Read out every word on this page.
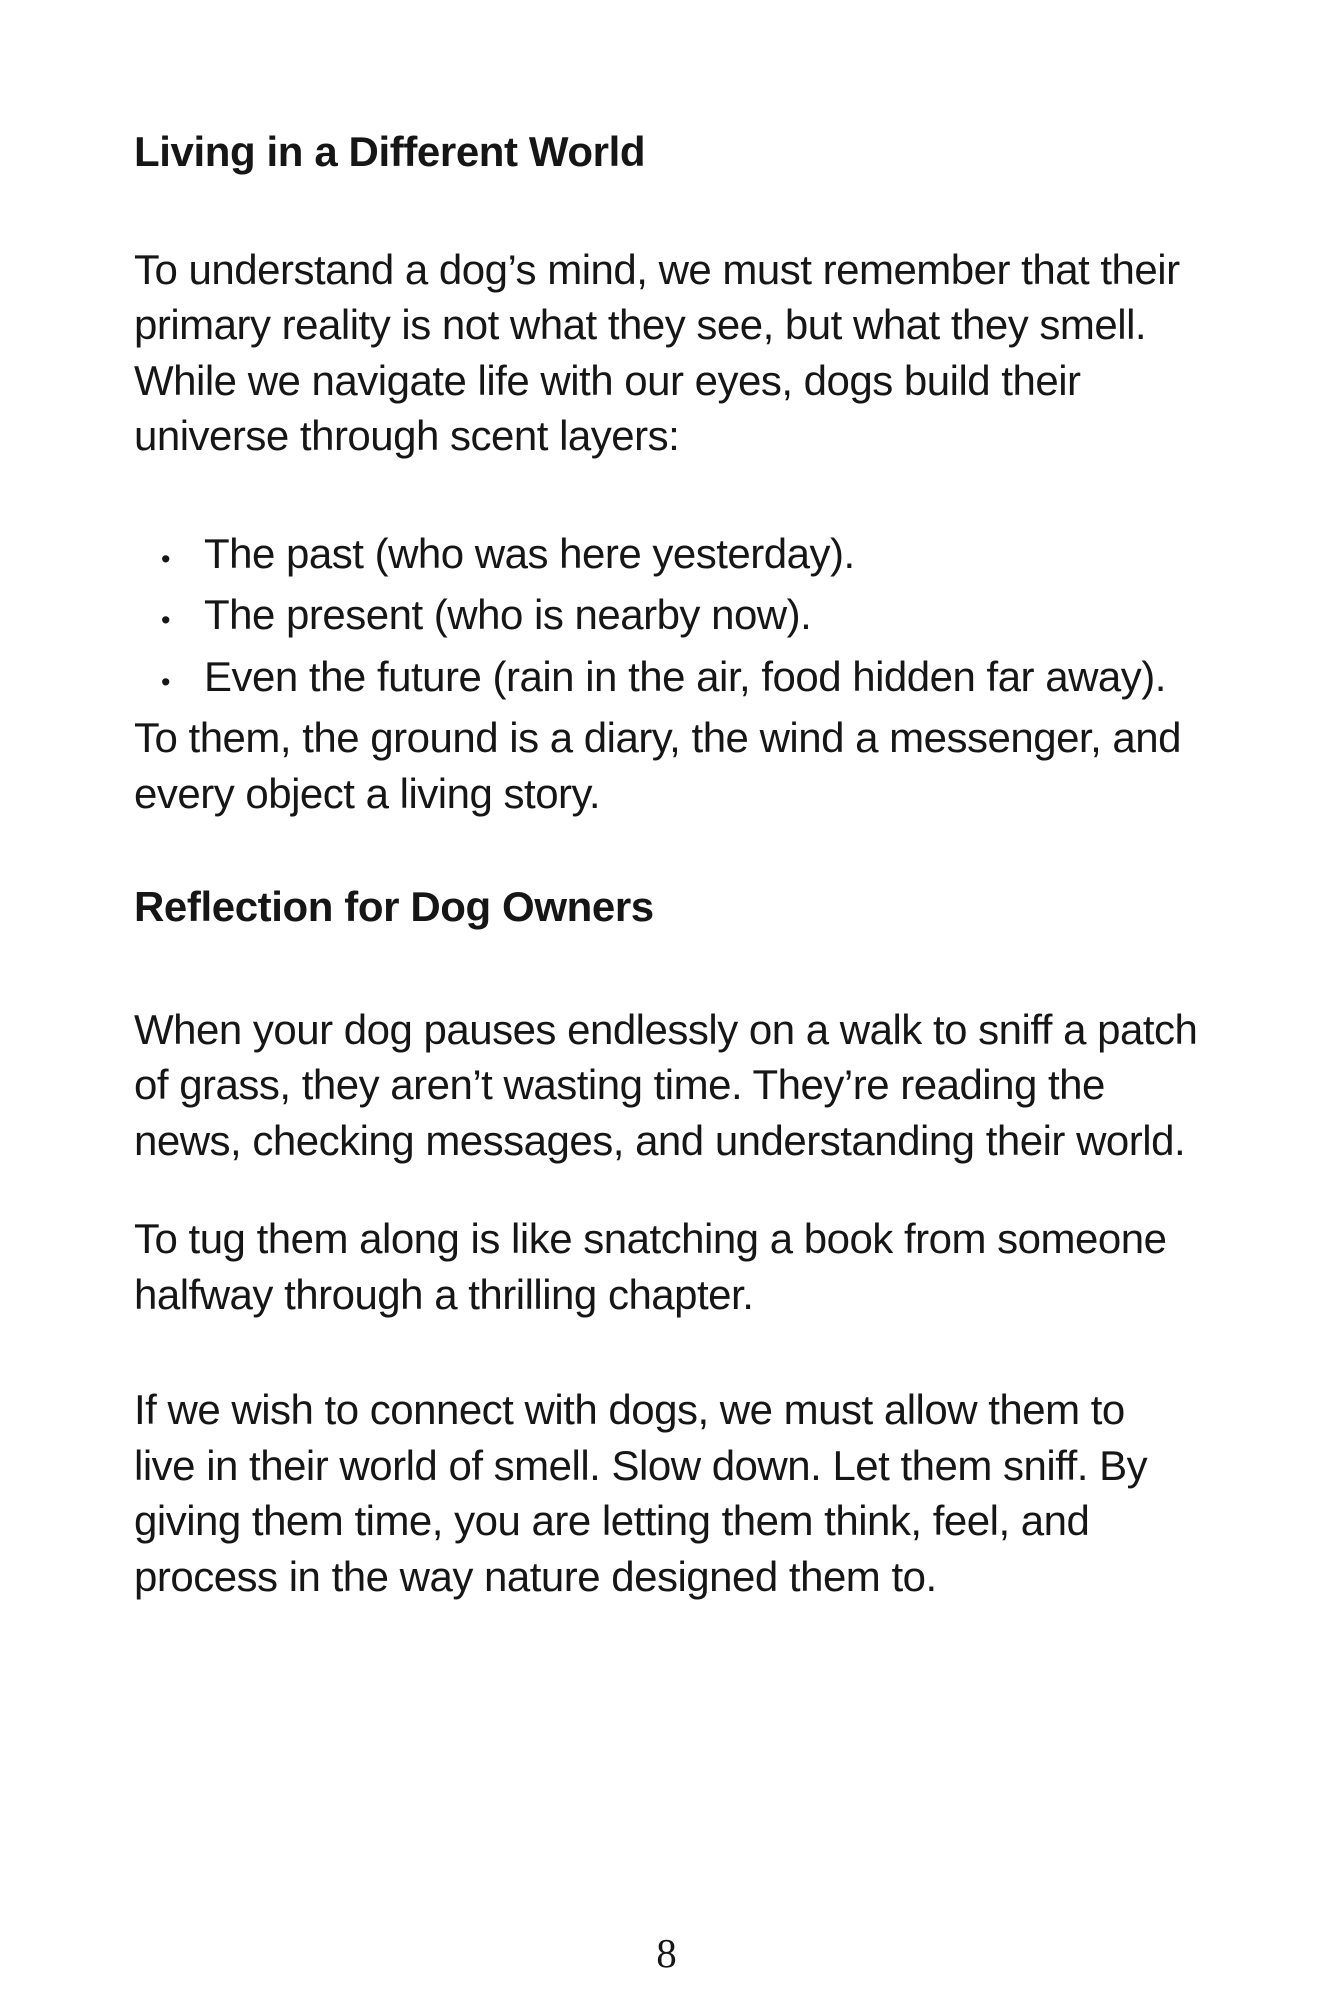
Living in a Different World
To understand a dog’s mind, we must remember that their
primary reality is not what they see, but what they smell.
While we navigate life with our eyes, dogs build their
universe through scent layers:
• The past (who was here yesterday).
• The present (who is nearby now).
• Even the future (rain in the air, food hidden far away).
To them, the ground is a diary, the wind a messenger, and
every object a living story.
Reflection for Dog Owners
When your dog pauses endlessly on a walk to sniff a patch
of grass, they aren’t wasting time. They’re reading the
news, checking messages, and understanding their world.
To tug them along is like snatching a book from someone
halfway through a thrilling chapter.
If we wish to connect with dogs, we must allow them to
live in their world of smell. Slow down. Let them sniff. By
giving them time, you are letting them think, feel, and
process in the way nature designed them to.
8
